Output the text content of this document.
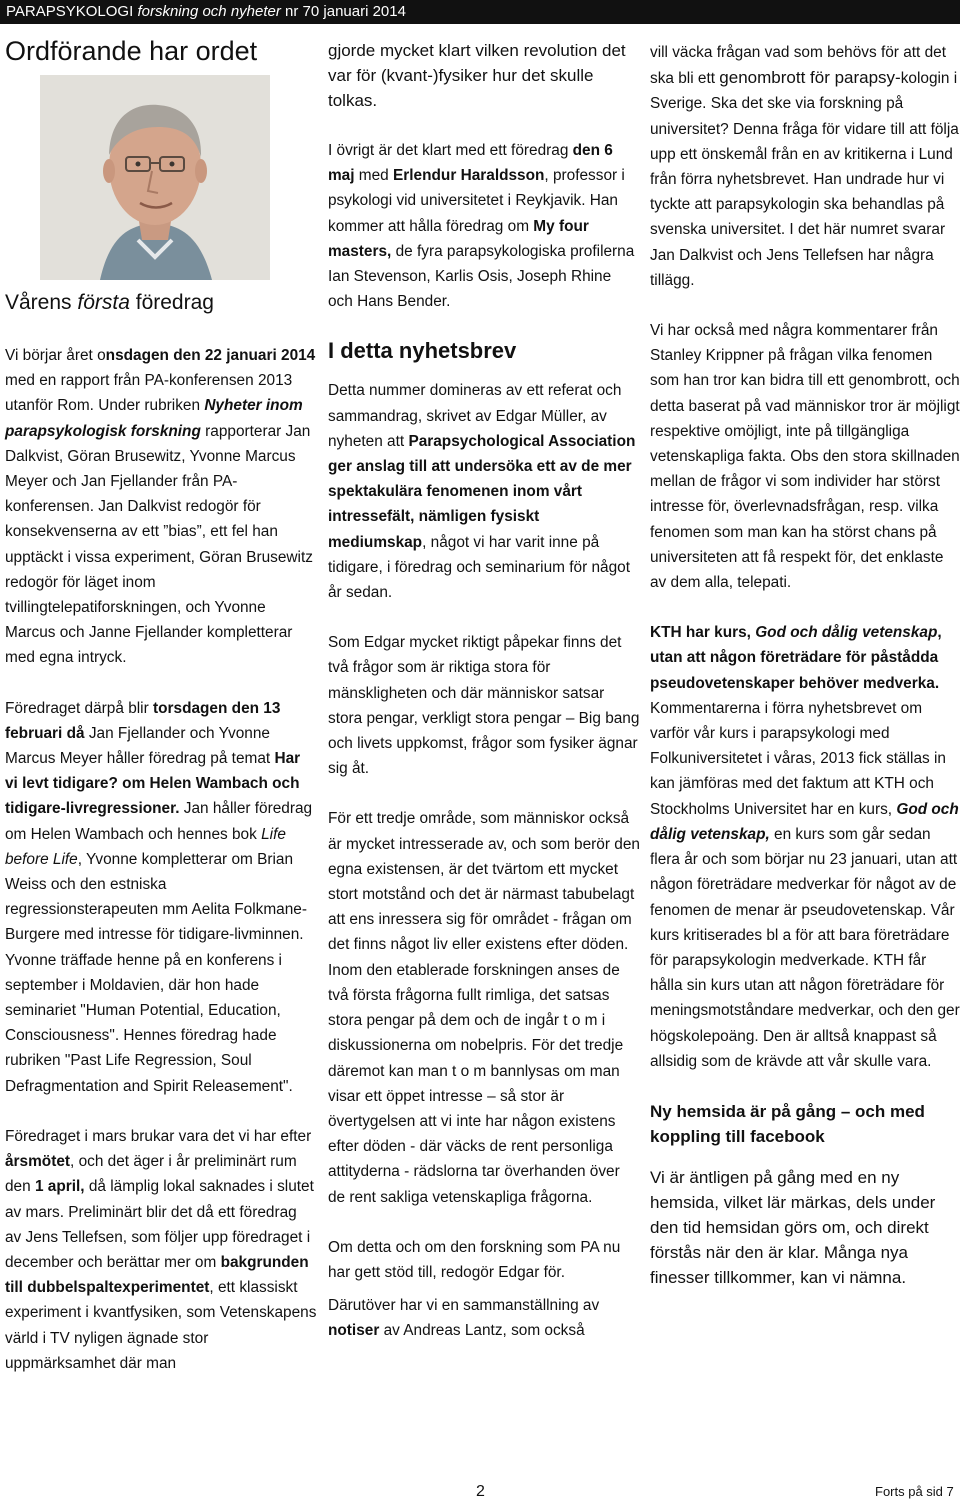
PARAPSYKOLOGI forskning och nyheter nr 70 januari 2014
Ordförande har ordet
Vårens första föredrag

Vi börjar året onsdagen den 22 januari 2014 med en rapport från PA-konferensen 2013 utanför Rom. Under rubriken Nyheter inom parapsykologisk forskning rapporterar Jan Dalkvist, Göran Brusewitz, Yvonne Marcus Meyer och Jan Fjellander från PA-konferensen. Jan Dalkvist redogör för konsekvenserna av ett ”bias”, ett fel han upptäckt i vissa experiment, Göran Brusewitz redogör för läget inom tvillingtelepatiforskningen, och Yvonne Marcus och Janne Fjellander kompletterar med egna intryck.

Föredraget därpå blir torsdagen den 13 februari då Jan Fjellander och Yvonne Marcus Meyer håller föredrag på temat Har vi levt tidigare? om Helen Wambach och tidigare-livregressioner. Jan håller föredrag om Helen Wambach och hennes bok Life before Life, Yvonne kompletterar om Brian Weiss och den estniska regressionsterapeuten mm Aelita Folkmane-Burgere med intresse för tidigare-livminnen. Yvonne träffade henne på en konferens i september i Moldavien, där hon hade seminariet "Human Potential, Education, Consciousness". Hennes föredrag hade rubriken "Past Life Regression, Soul Defragmentation and Spirit Releasement".

Föredraget i mars brukar vara det vi har efter årsmötet, och det äger i år preliminärt rum den 1 april, då lämplig lokal saknades i slutet av mars. Preliminärt blir det då ett föredrag av Jens Tellefsen, som följer upp föredraget i december och berättar mer om bakgrunden till dubbelspaltexperimentet, ett klassiskt experiment i kvantfysiken, som Vetenskapens värld i TV nyligen ägnade stor uppmärksamhet där man

gjorde mycket klart vilken revolution det var för (kvant-)fysiker hur det skulle tolkas.

I övrigt är det klart med ett föredrag den 6 maj med Erlendur Haraldsson, professor i psykologi vid universitetet i Reykjavik. Han kommer att hålla föredrag om My four masters, de fyra parapsykologiska profilerna Ian Stevenson, Karlis Osis, Joseph Rhine och Hans Bender.

I detta nyhetsbrev

Detta nummer domineras av ett referat och sammandrag, skrivet av Edgar Müller, av nyheten att Parapsychological Association ger anslag till att undersöka ett av de mer spektakulära fenomenen inom vårt intressefält, nämligen fysiskt mediumskap, något vi har varit inne på tidigare, i föredrag och seminarium för något år sedan.

Som Edgar mycket riktigt påpekar finns det två frågor som är riktiga stora för mänskligheten och där människor satsar stora pengar, verkligt stora pengar – Big bang och livets uppkomst, frågor som fysiker ägnar sig åt.

För ett tredje område, som människor också är mycket intresserade av, och som berör den egna existensen, är det tvärtom ett mycket stort motstånd och det är närmast tabubelagt att ens inressera sig för området - frågan om det finns något liv eller existens efter döden. Inom den etablerade forskningen anses de två första frågorna fullt rimliga, det satsas stora pengar på dem och de ingår t o m i diskussionerna om nobelpris. För det tredje däremot kan man t o m bannlysas om man visar ett öppet intresse – så stor är övertygelsen att vi inte har någon existens efter döden - där väcks de rent personliga attityderna - rädslorna tar överhanden över de rent sakliga vetenskapliga frågorna.

Om detta och om den forskning som PA nu har gett stöd till, redogör Edgar för.

Därutöver har vi en sammanställning av notiser av Andreas Lantz, som också

vill väcka frågan vad som behövs för att det ska bli ett genombrott för parapsy-kologin i Sverige. Ska det ske via forskning på universitet? Denna fråga för vidare till att följa upp ett önskemål från en av kritikerna i Lund från förra nyhetsbrevet. Han undrade hur vi tyckte att parapsykologin ska behandlas på svenska universitet. I det här numret svarar Jan Dalkvist och Jens Tellefsen har några tillägg.

Vi har också med några kommentarer från Stanley Krippner på frågan vilka fenomen som han tror kan bidra till ett genombrott, och detta baserat på vad människor tror är möjligt respektive omöjligt, inte på tillgängliga vetenskapliga fakta. Obs den stora skillnaden mellan de frågor vi som individer har störst intresse för, överlevnadsfrågan, resp. vilka fenomen som man kan ha störst chans på universiteten att få respekt för, det enklaste av dem alla, telepati.

KTH har kurs, God och dålig vetenskap, utan att någon företrädare för påstådda pseudovetenskaper behöver medverka.

Kommentarerna i förra nyhetsbrevet om varför vår kurs i parapsykologi med Folkuniversitetet i våras, 2013 fick ställas in kan jämföras med det faktum att KTH och Stockholms Universitet har en kurs, God och dålig vetenskap, en kurs som går sedan flera år och som börjar nu 23 januari, utan att någon företrädare medverkar för något av de fenomen de menar är pseudovetenskap. Vår kurs kritiserades bl a för att bara företrädare för parapsykologin medverkade. KTH får hålla sin kurs utan att någon företrädare för meningsmotståndare medverkar, och den ger högskolepoäng. Den är alltså knappast så allsidig som de krävde att vår skulle vara.

Ny hemsida är på gång – och med koppling till facebook

Vi är äntligen på gång med en ny hemsida, vilket lär märkas, dels under den tid hemsidan görs om, och direkt förstås när den är klar. Många nya finesser tillkommer, kan vi nämna.

2	Forts på sid 7
